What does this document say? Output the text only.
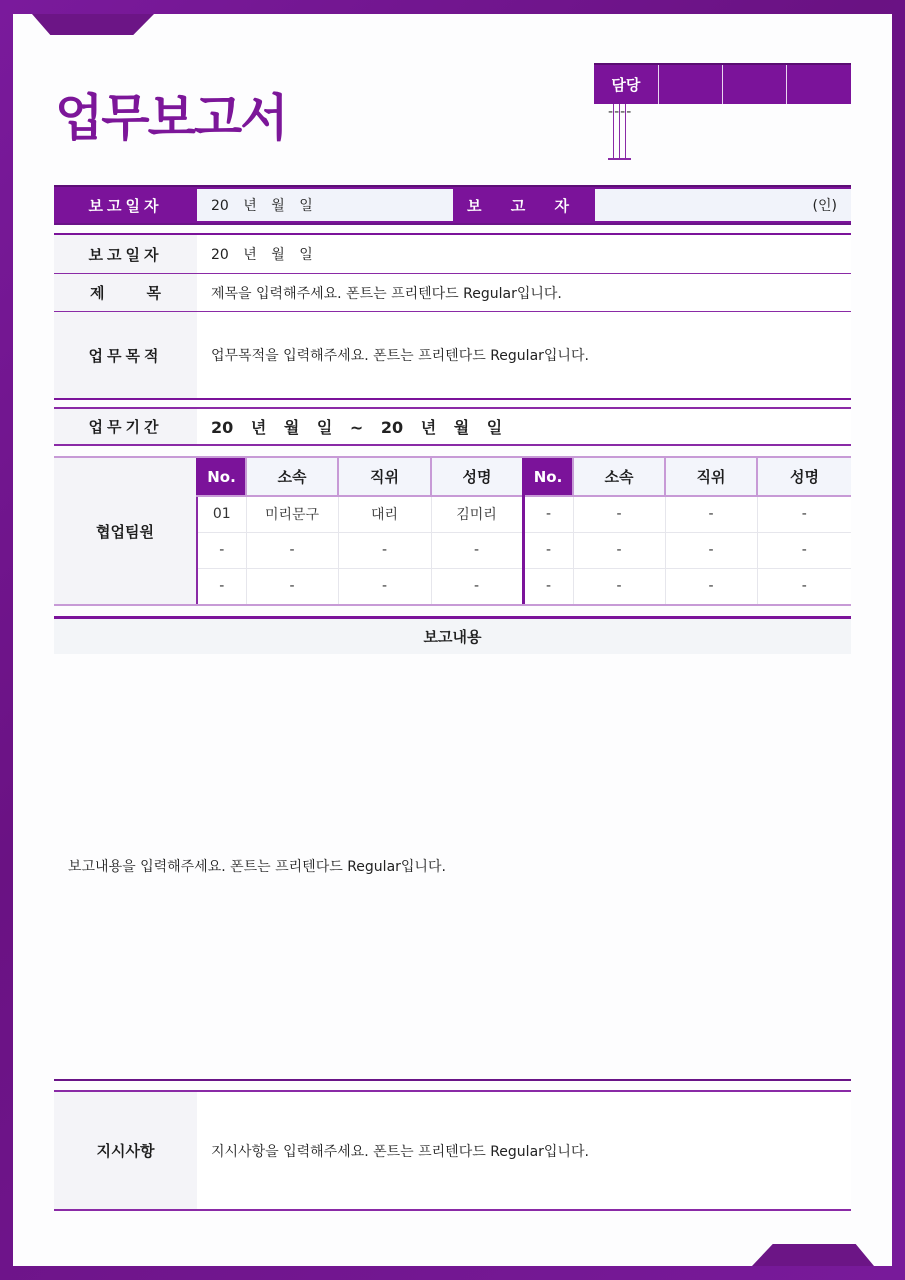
업무보고서
담당			

- - - -
보고일자	20 년 월 일	보 고 자	(인)
보고일자	20 년 월 일
제	목	제목을 입력해주세요. 폰트는 프리텐다드 Regular입니다.
업무목적	업무목적을 입력해주세요. 폰트는 프리텐다드 Regular입니다.
업무기간	20 년 월 일 ~ 20 년 월 일
협업팀원
No.	소속	직위	성명	No.	소속	직위	성명
01	미리문구	대리	김미리	-	-	-	-
-	-	-	-	-	-	-	-
-	-	-	-	-	-	-	-
보고내용
보고내용을 입력해주세요. 폰트는 프리텐다드 Regular입니다.
지시사항	지시사항을 입력해주세요. 폰트는 프리텐다드 Regular입니다.
